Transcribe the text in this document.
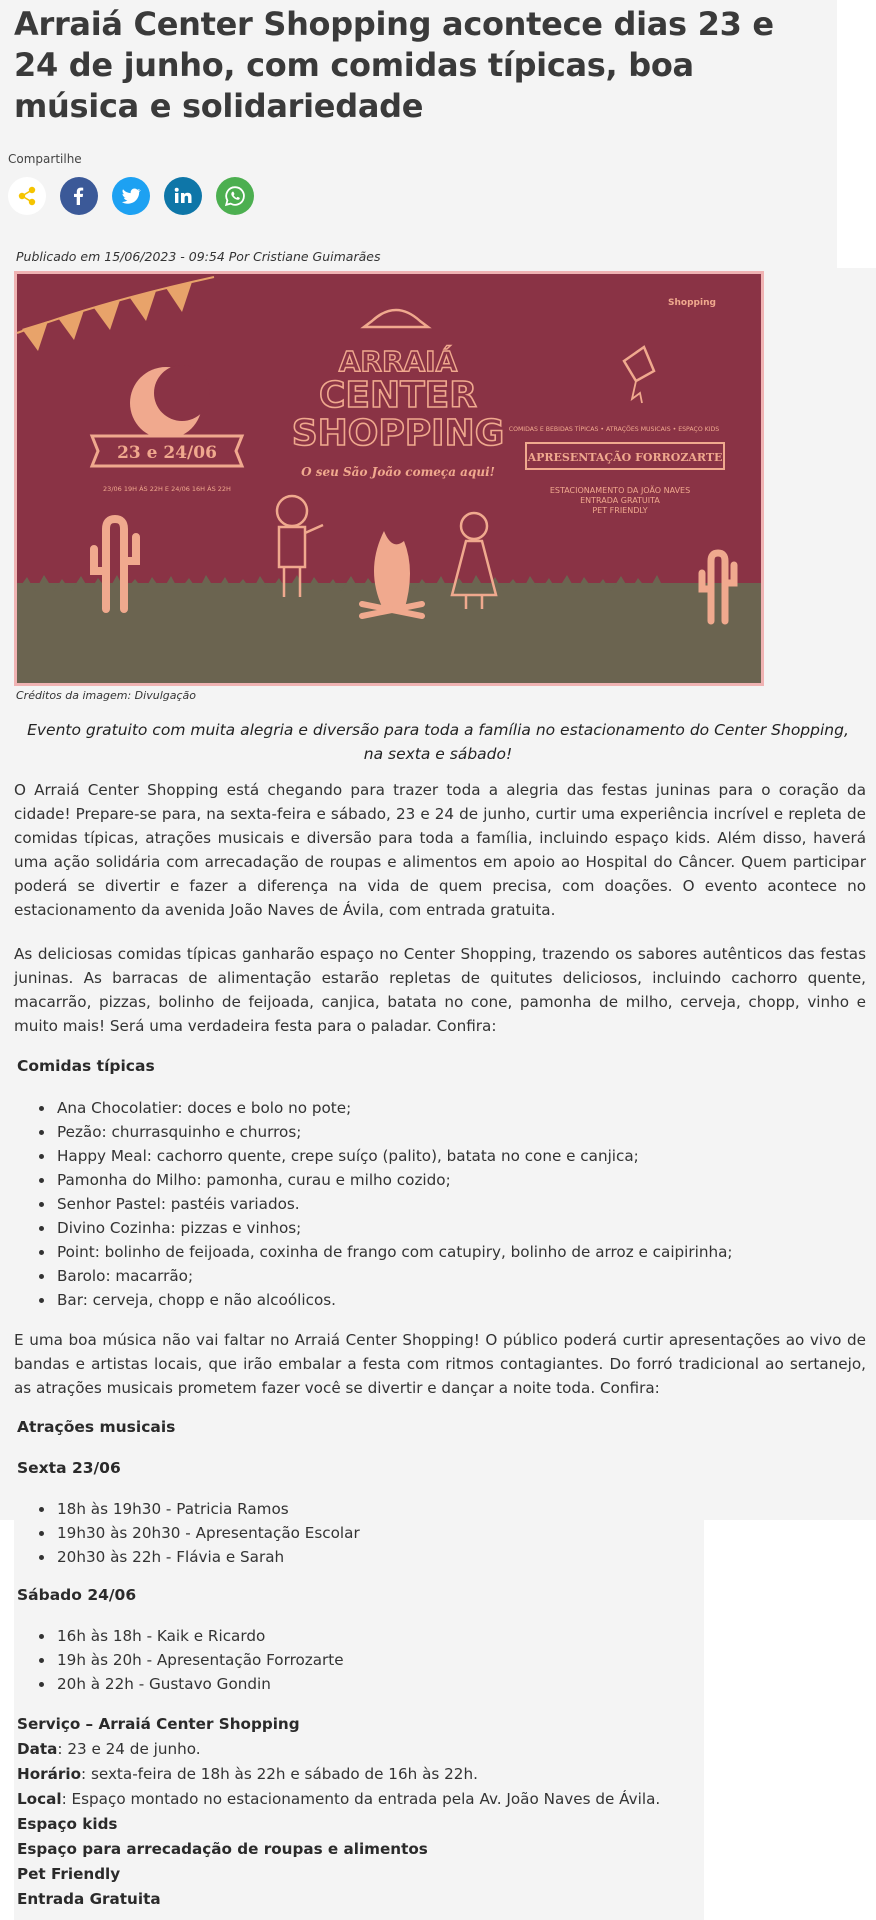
Arraiá Center Shopping acontece dias 23 e 24 de junho, com comidas típicas, boa música e solidariedade
Compartilhe
Publicado em 15/06/2023 - 09:54 Por Cristiane Guimarães
23 e 24/06
23/06 19H ÀS 22H E 24/06 16H ÀS 22H
ARRAIÁ
CENTER
SHOPPING
O seu São João começa aqui!
Shopping
COMIDAS E BEBIDAS TÍPICAS • ATRAÇÕES MUSICAIS • ESPAÇO KIDS
APRESENTAÇÃO FORROZARTE
ESTACIONAMENTO DA JOÃO NAVES
ENTRADA GRATUITA
PET FRIENDLY
Créditos da imagem: Divulgação
Evento gratuito com muita alegria e diversão para toda a família no estacionamento do Center Shopping, na sexta e sábado!

O Arraiá Center Shopping está chegando para trazer toda a alegria das festas juninas para o coração da cidade! Prepare-se para, na sexta-feira e sábado, 23 e 24 de junho, curtir uma experiência incrível e repleta de comidas típicas, atrações musicais e diversão para toda a família, incluindo espaço kids. Além disso, haverá uma ação solidária com arrecadação de roupas e alimentos em apoio ao Hospital do Câncer. Quem participar poderá se divertir e fazer a diferença na vida de quem precisa, com doações. O evento acontece no estacionamento da avenida João Naves de Ávila, com entrada gratuita.

As deliciosas comidas típicas ganharão espaço no Center Shopping, trazendo os sabores autênticos das festas juninas. As barracas de alimentação estarão repletas de quitutes deliciosos, incluindo cachorro quente, macarrão, pizzas, bolinho de feijoada, canjica, batata no cone, pamonha de milho, cerveja, chopp, vinho e muito mais! Será uma verdadeira festa para o paladar. Confira:

Comidas típicas
Ana Chocolatier: doces e bolo no pote;
Pezão: churrasquinho e churros;
Happy Meal: cachorro quente, crepe suíço (palito), batata no cone e canjica;
Pamonha do Milho: pamonha, curau e milho cozido;
Senhor Pastel: pastéis variados.
Divino Cozinha: pizzas e vinhos;
Point: bolinho de feijoada, coxinha de frango com catupiry, bolinho de arroz e caipirinha;
Barolo: macarrão;
Bar: cerveja, chopp e não alcoólicos.

E uma boa música não vai faltar no Arraiá Center Shopping! O público poderá curtir apresentações ao vivo de bandas e artistas locais, que irão embalar a festa com ritmos contagiantes. Do forró tradicional ao sertanejo, as atrações musicais prometem fazer você se divertir e dançar a noite toda. Confira:

Atrações musicais
Sexta 23/06
18h às 19h30 - Patricia Ramos
19h30 às 20h30 - Apresentação Escolar
20h30 às 22h - Flávia e Sarah
Sábado 24/06
16h às 18h - Kaik e Ricardo
19h às 20h - Apresentação Forrozarte
20h à 22h - Gustavo Gondin
Serviço – Arraiá Center Shopping
Data: 23 e 24 de junho.
Horário: sexta-feira de 18h às 22h e sábado de 16h às 22h.
Local: Espaço montado no estacionamento da entrada pela Av. João Naves de Ávila.
Espaço kids
Espaço para arrecadação de roupas e alimentos
Pet Friendly
Entrada Gratuita
